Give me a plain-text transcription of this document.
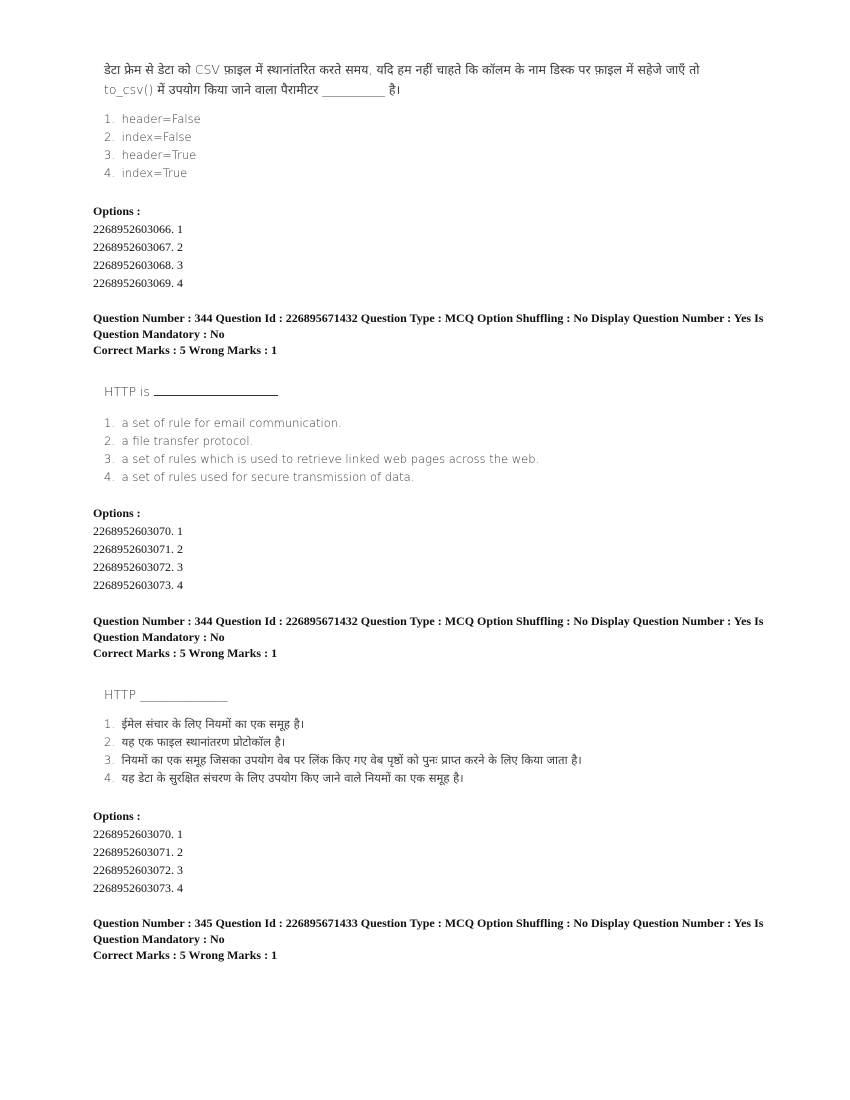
डेटा फ्रेम से डेटा को CSV फ़ाइल में स्थानांतरित करते समय, यदि हम नहीं चाहते कि कॉलम के नाम डिस्क पर फ़ाइल में सहेजे जाएँ तो

to_csv() में उपयोग किया जाने वाला पैरामीटर __________ है।

1. header=False
2. index=False
3. header=True
4. index=True
Options :
2268952603066. 1
2268952603067. 2
2268952603068. 3
2268952603069. 4
Question Number : 344 Question Id : 226895671432 Question Type : MCQ Option Shuffling : No Display Question Number : Yes Is
Question Mandatory : No
Correct Marks : 5 Wrong Marks : 1

HTTP is

1. a set of rule for email communication.
2. a file transfer protocol.
3. a set of rules which is used to retrieve linked web pages across the web.
4. a set of rules used for secure transmission of data.
Options :
2268952603070. 1
2268952603071. 2
2268952603072. 3
2268952603073. 4
Question Number : 344 Question Id : 226895671432 Question Type : MCQ Option Shuffling : No Display Question Number : Yes Is
Question Mandatory : No
Correct Marks : 5 Wrong Marks : 1

HTTP ______________

1. ईमेल संचार के लिए नियमों का एक समूह है।
2. यह एक फाइल स्थानांतरण प्रोटोकॉल है।
3. नियमों का एक समूह जिसका उपयोग वेब पर लिंक किए गए वेब पृष्ठों को पुनः प्राप्त करने के लिए किया जाता है।
4. यह डेटा के सुरक्षित संचरण के लिए उपयोग किए जाने वाले नियमों का एक समूह है।
Options :
2268952603070. 1
2268952603071. 2
2268952603072. 3
2268952603073. 4
Question Number : 345 Question Id : 226895671433 Question Type : MCQ Option Shuffling : No Display Question Number : Yes Is
Question Mandatory : No
Correct Marks : 5 Wrong Marks : 1
